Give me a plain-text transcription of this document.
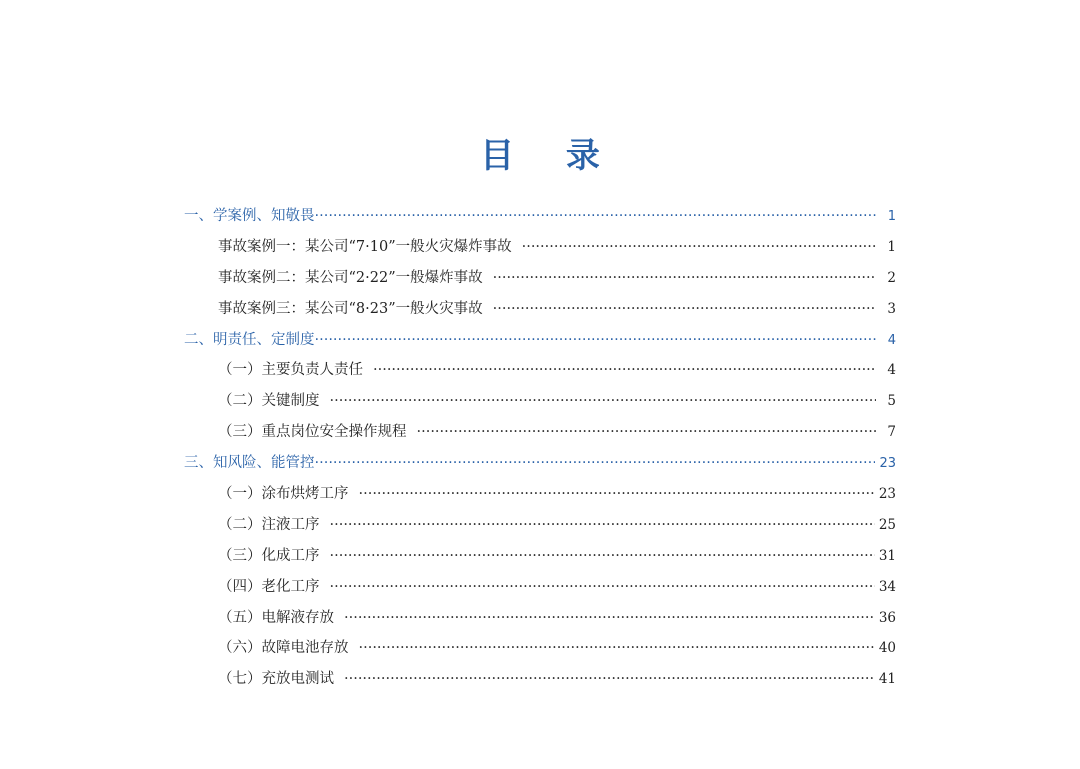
目 录
一、学案例、知敬畏 ·····	1
事故案例一：某公司“7·10”一般火灾爆炸事故 ·····	1
事故案例二：某公司“2·22”一般爆炸事故 ·····	2
事故案例三：某公司“8·23”一般火灾事故 ·····	3
二、明责任、定制度 ·····	4
（一）主要负责人责任 ·····	4
（二）关键制度 ·····	5
（三）重点岗位安全操作规程 ·····	7
三、知风险、能管控 ·····	23
（一）涂布烘烤工序 ·····	23
（二）注液工序 ·····	25
（三）化成工序 ·····	31
（四）老化工序 ·····	34
（五）电解液存放 ·····	36
（六）故障电池存放 ·····	40
（七）充放电测试 ·····	41
